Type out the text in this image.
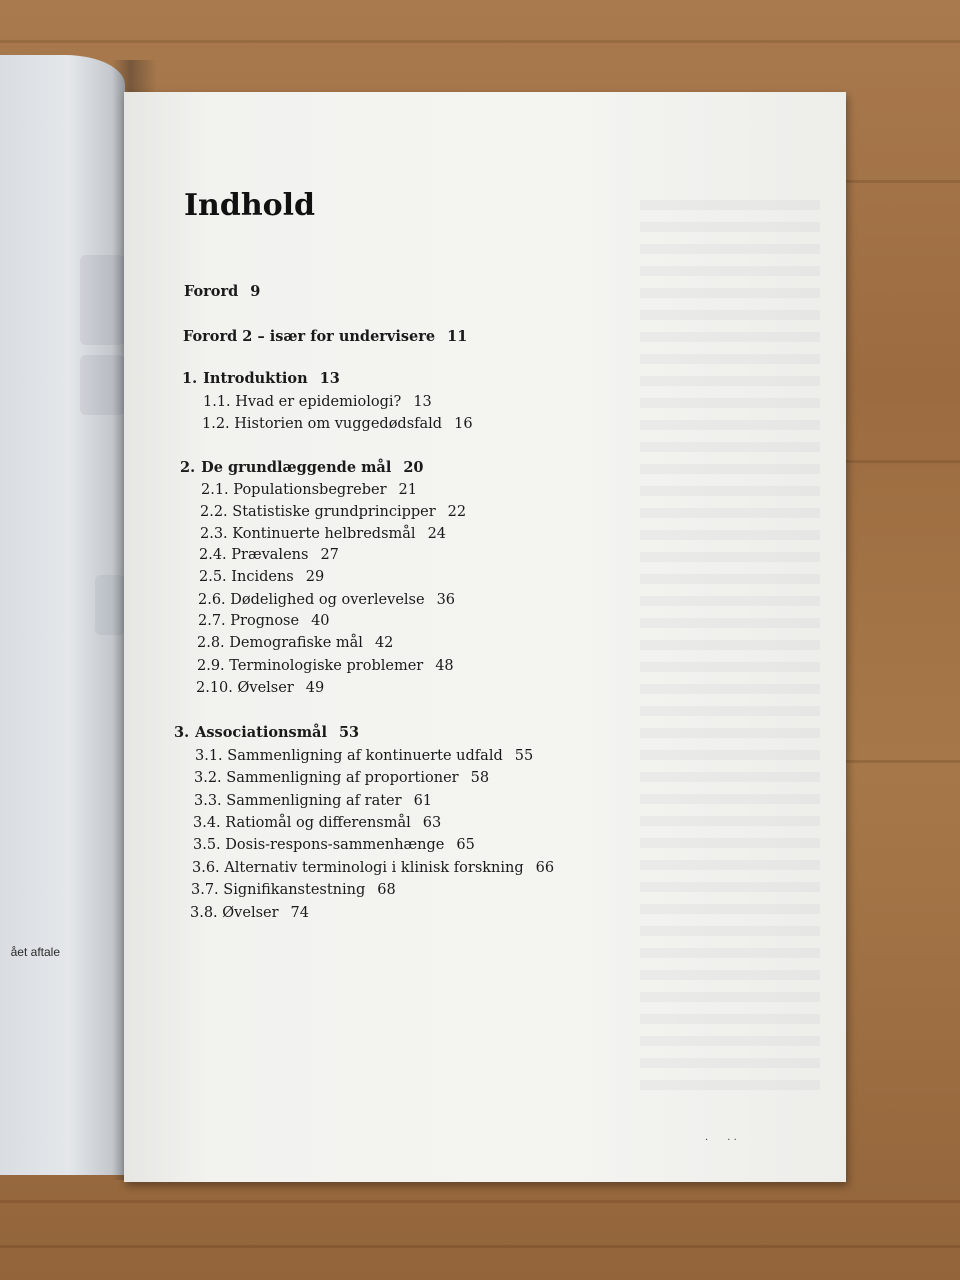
ået aftale
Indhold
Forord 9
Forord 2 – især for undervisere 11
1. Introduktion 13
1.1. Hvad er epidemiologi? 13
1.2. Historien om vuggedødsfald 16
2. De grundlæggende mål 20
2.1. Populationsbegreber 21
2.2. Statistiske grundprincipper 22
2.3. Kontinuerte helbredsmål 24
2.4. Prævalens 27
2.5. Incidens 29
2.6. Dødelighed og overlevelse 36
2.7. Prognose 40
2.8. Demografiske mål 42
2.9. Terminologiske problemer 48
2.10. Øvelser 49
3. Associationsmål 53
3.1. Sammenligning af kontinuerte udfald 55
3.2. Sammenligning af proportioner 58
3.3. Sammenligning af rater 61
3.4. Ratiomål og differensmål 63
3.5. Dosis-respons-sammenhænge 65
3.6. Alternativ terminologi i klinisk forskning 66
3.7. Signifikanstestning 68
3.8. Øvelser 74
·      · ·
